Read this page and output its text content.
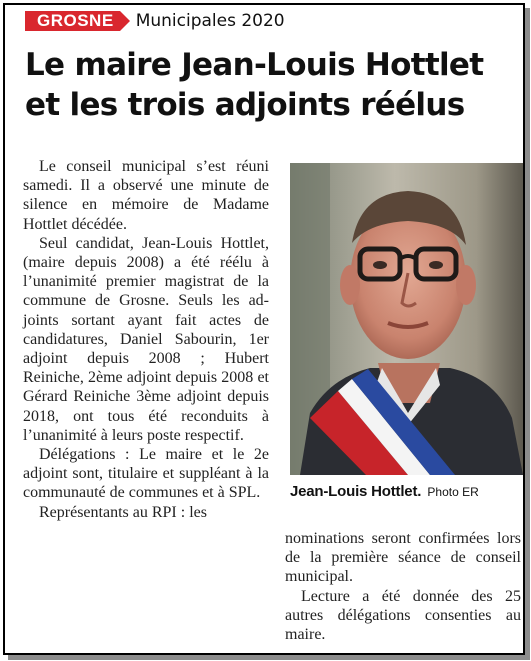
GROSNE	Municipales 2020
Le maire Jean-Louis Hottlet et les trois adjoints réélus

Le conseil municipal s’est réuni samedi. Il a observé une minute de silence en mémoire de Madame Hottlet décédée.

Seul candidat, Jean-Louis Hottlet, (maire depuis 2008) a été réélu à l’unanimité premier magistrat de la commune de Grosne. Seuls les adjoints sortant ayant fait actes de candidatures, Daniel Sabourin, 1er adjoint depuis 2008 ; Hubert Reiniche, 2ème adjoint depuis 2008 et Gérard Reiniche 3ème adjoint depuis 2018, ont tous été reconduits à l’unanimité à leurs poste respectif.

Délégations : Le maire et le 2e adjoint sont, titulaire et suppléant à la communauté de communes et à SPL.

Représentants au RPI : les

Jean-Louis Hottlet. Photo ER

nominations seront confirmées lors de la première séance de conseil municipal.

Lecture a été donnée des 25 autres délégations consenties au maire.
